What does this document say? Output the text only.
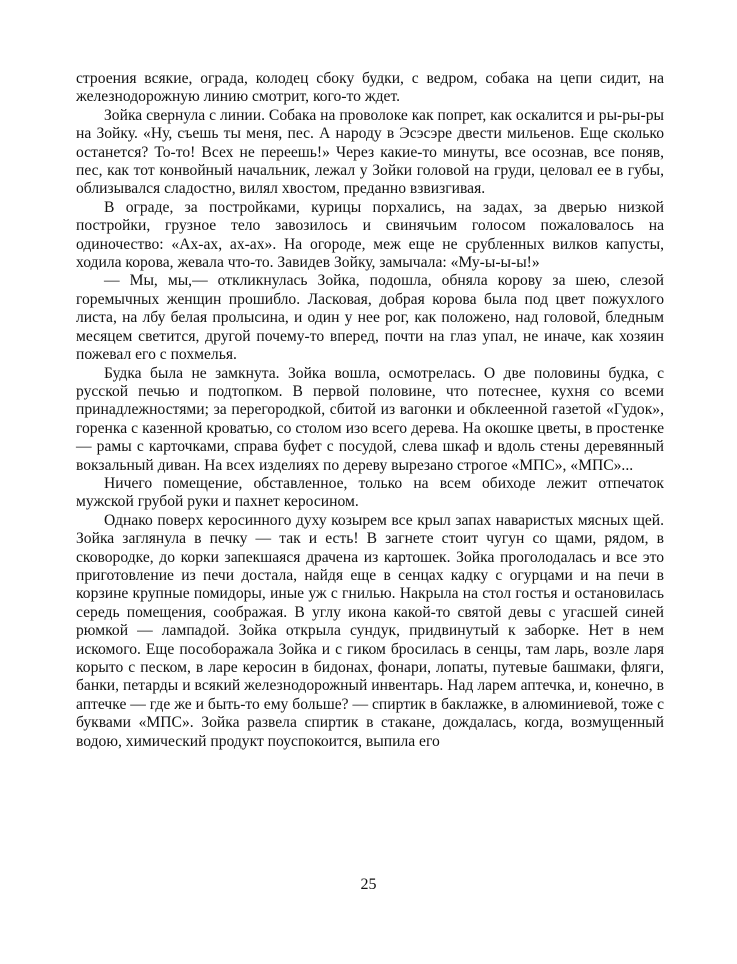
строения всякие, ограда, колодец сбоку будки, с ведром, собака на цепи сидит, на железнодорожную линию смотрит, кого-то ждет.

Зойка свернула с линии. Собака на проволоке как попрет, как оскалится и ры-ры-ры на Зойку. «Ну, съешь ты меня, пес. А народу в Эсэсэре двести мильенов. Еще сколько останется? То-то! Всех не переешь!» Через какие-то минуты, все осознав, все поняв, пес, как тот конвойный начальник, лежал у Зойки головой на груди, целовал ее в губы, облизывался сладостно, вилял хвостом, преданно взвизгивая.

В ограде, за постройками, курицы порхались, на задах, за дверью низкой постройки, грузное тело завозилось и свинячьим голосом пожаловалось на одиночество: «Ах-ах, ах-ах». На огороде, меж еще не срубленных вилков капусты, ходила корова, жевала что-то. Завидев Зойку, замычала: «Му-ы-ы-ы!»

— Мы, мы,— откликнулась Зойка, подошла, обняла корову за шею, слезой горемычных женщин прошибло. Ласковая, добрая корова была под цвет пожухлого листа, на лбу белая пролысина, и один у нее рог, как положено, над головой, бледным месяцем светится, другой почему-то вперед, почти на глаз упал, не иначе, как хозяин пожевал его с похмелья.

Будка была не замкнута. Зойка вошла, осмотрелась. О две половины будка, с русской печью и подтопком. В первой половине, что потеснее, кухня со всеми принадлежностями; за перегородкой, сбитой из вагонки и обклеенной газетой «Гудок», горенка с казенной кроватью, со столом изо всего дерева. На окошке цветы, в простенке — рамы с карточками, справа буфет с посудой, слева шкаф и вдоль стены деревянный вокзальный диван. На всех изделиях по дереву вырезано строгое «МПС», «МПС»...

Ничего помещение, обставленное, только на всем обиходе лежит отпечаток мужской грубой руки и пахнет керосином.

Однако поверх керосинного духу козырем все крыл запах наваристых мясных щей. Зойка заглянула в печку — так и есть! В загнете стоит чугун со щами, рядом, в сковородке, до корки запекшаяся драчена из картошек. Зойка проголодалась и все это приготовление из печи достала, найдя еще в сенцах кадку с огурцами и на печи в корзине крупные помидоры, иные уж с гнилью. Накрыла на стол гостья и остановилась середь помещения, соображая. В углу икона какой-то святой девы с угасшей синей рюмкой — лампадой. Зойка открыла сундук, придвинутый к заборке. Нет в нем искомого. Еще пособоражала Зойка и с гиком бросилась в сенцы, там ларь, возле ларя корыто с песком, в ларе керосин в бидонах, фонари, лопаты, путевые башмаки, фляги, банки, петарды и всякий железнодорожный инвентарь. Над ларем аптечка, и, конечно, в аптечке — где же и быть-то ему больше? — спиртик в баклажке, в алюминиевой, тоже с буквами «МПС». Зойка развела спиртик в стакане, дождалась, когда, возмущенный водою, химический продукт поуспокоится, выпила его

25
